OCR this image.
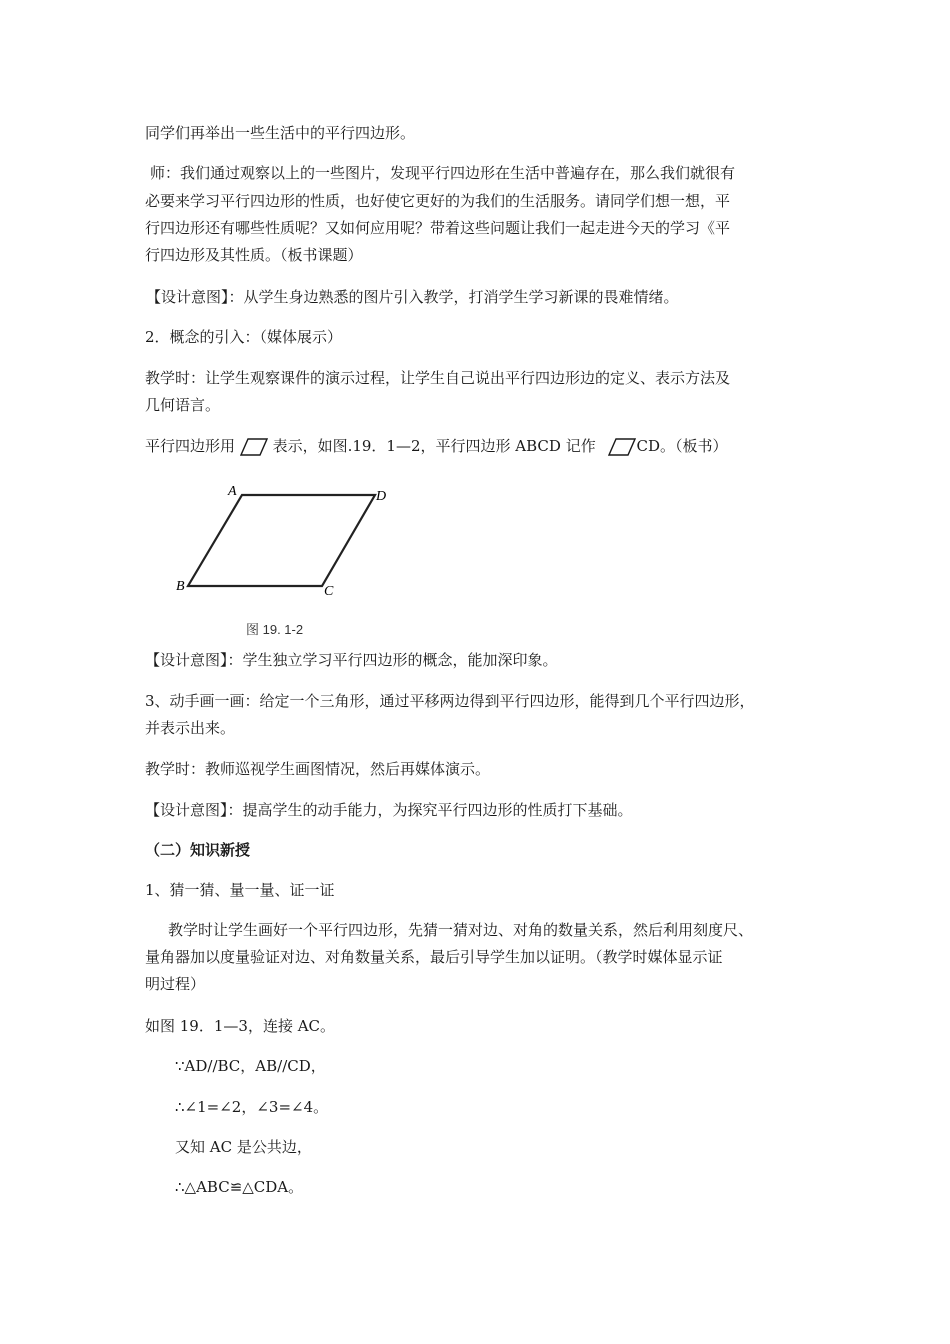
同学们再举出一些生活中的平行四边形。
师：我们通过观察以上的一些图片，发现平行四边形在生活中普遍存在，那么我们就很有
必要来学习平行四边形的性质，也好使它更好的为我们的生活服务。请同学们想一想，平
行四边形还有哪些性质呢？又如何应用呢？带着这些问题让我们一起走进今天的学习《平
行四边形及其性质。（板书课题）
【设计意图】：从学生身边熟悉的图片引入教学，打消学生学习新课的畏难情绪。
2．概念的引入：（媒体展示）
教学时：让学生观察课件的演示过程，让学生自己说出平行四边形边的定义、表示方法及
几何语言。
平行四边形用	表示，如图.19．1—2，平行四边形 ABCD 记作	CD。（板书）
A	D
B	C
图 19. 1-2
【设计意图】：学生独立学习平行四边形的概念，能加深印象。
3、动手画一画：给定一个三角形，通过平移两边得到平行四边形，能得到几个平行四边形，
并表示出来。
教学时：教师巡视学生画图情况，然后再媒体演示。
【设计意图】：提高学生的动手能力，为探究平行四边形的性质打下基础。
（二）知识新授
1、猜一猜、量一量、证一证
教学时让学生画好一个平行四边形，先猜一猜对边、对角的数量关系，然后利用刻度尺、
量角器加以度量验证对边、对角数量关系，最后引导学生加以证明。（教学时媒体显示证
明过程）
如图 19．1—3，连接 AC。
∵AD//BC，AB//CD，
∴∠1=∠2，∠3=∠4。
又知 AC 是公共边，
∴△ABC≌△CDA。
